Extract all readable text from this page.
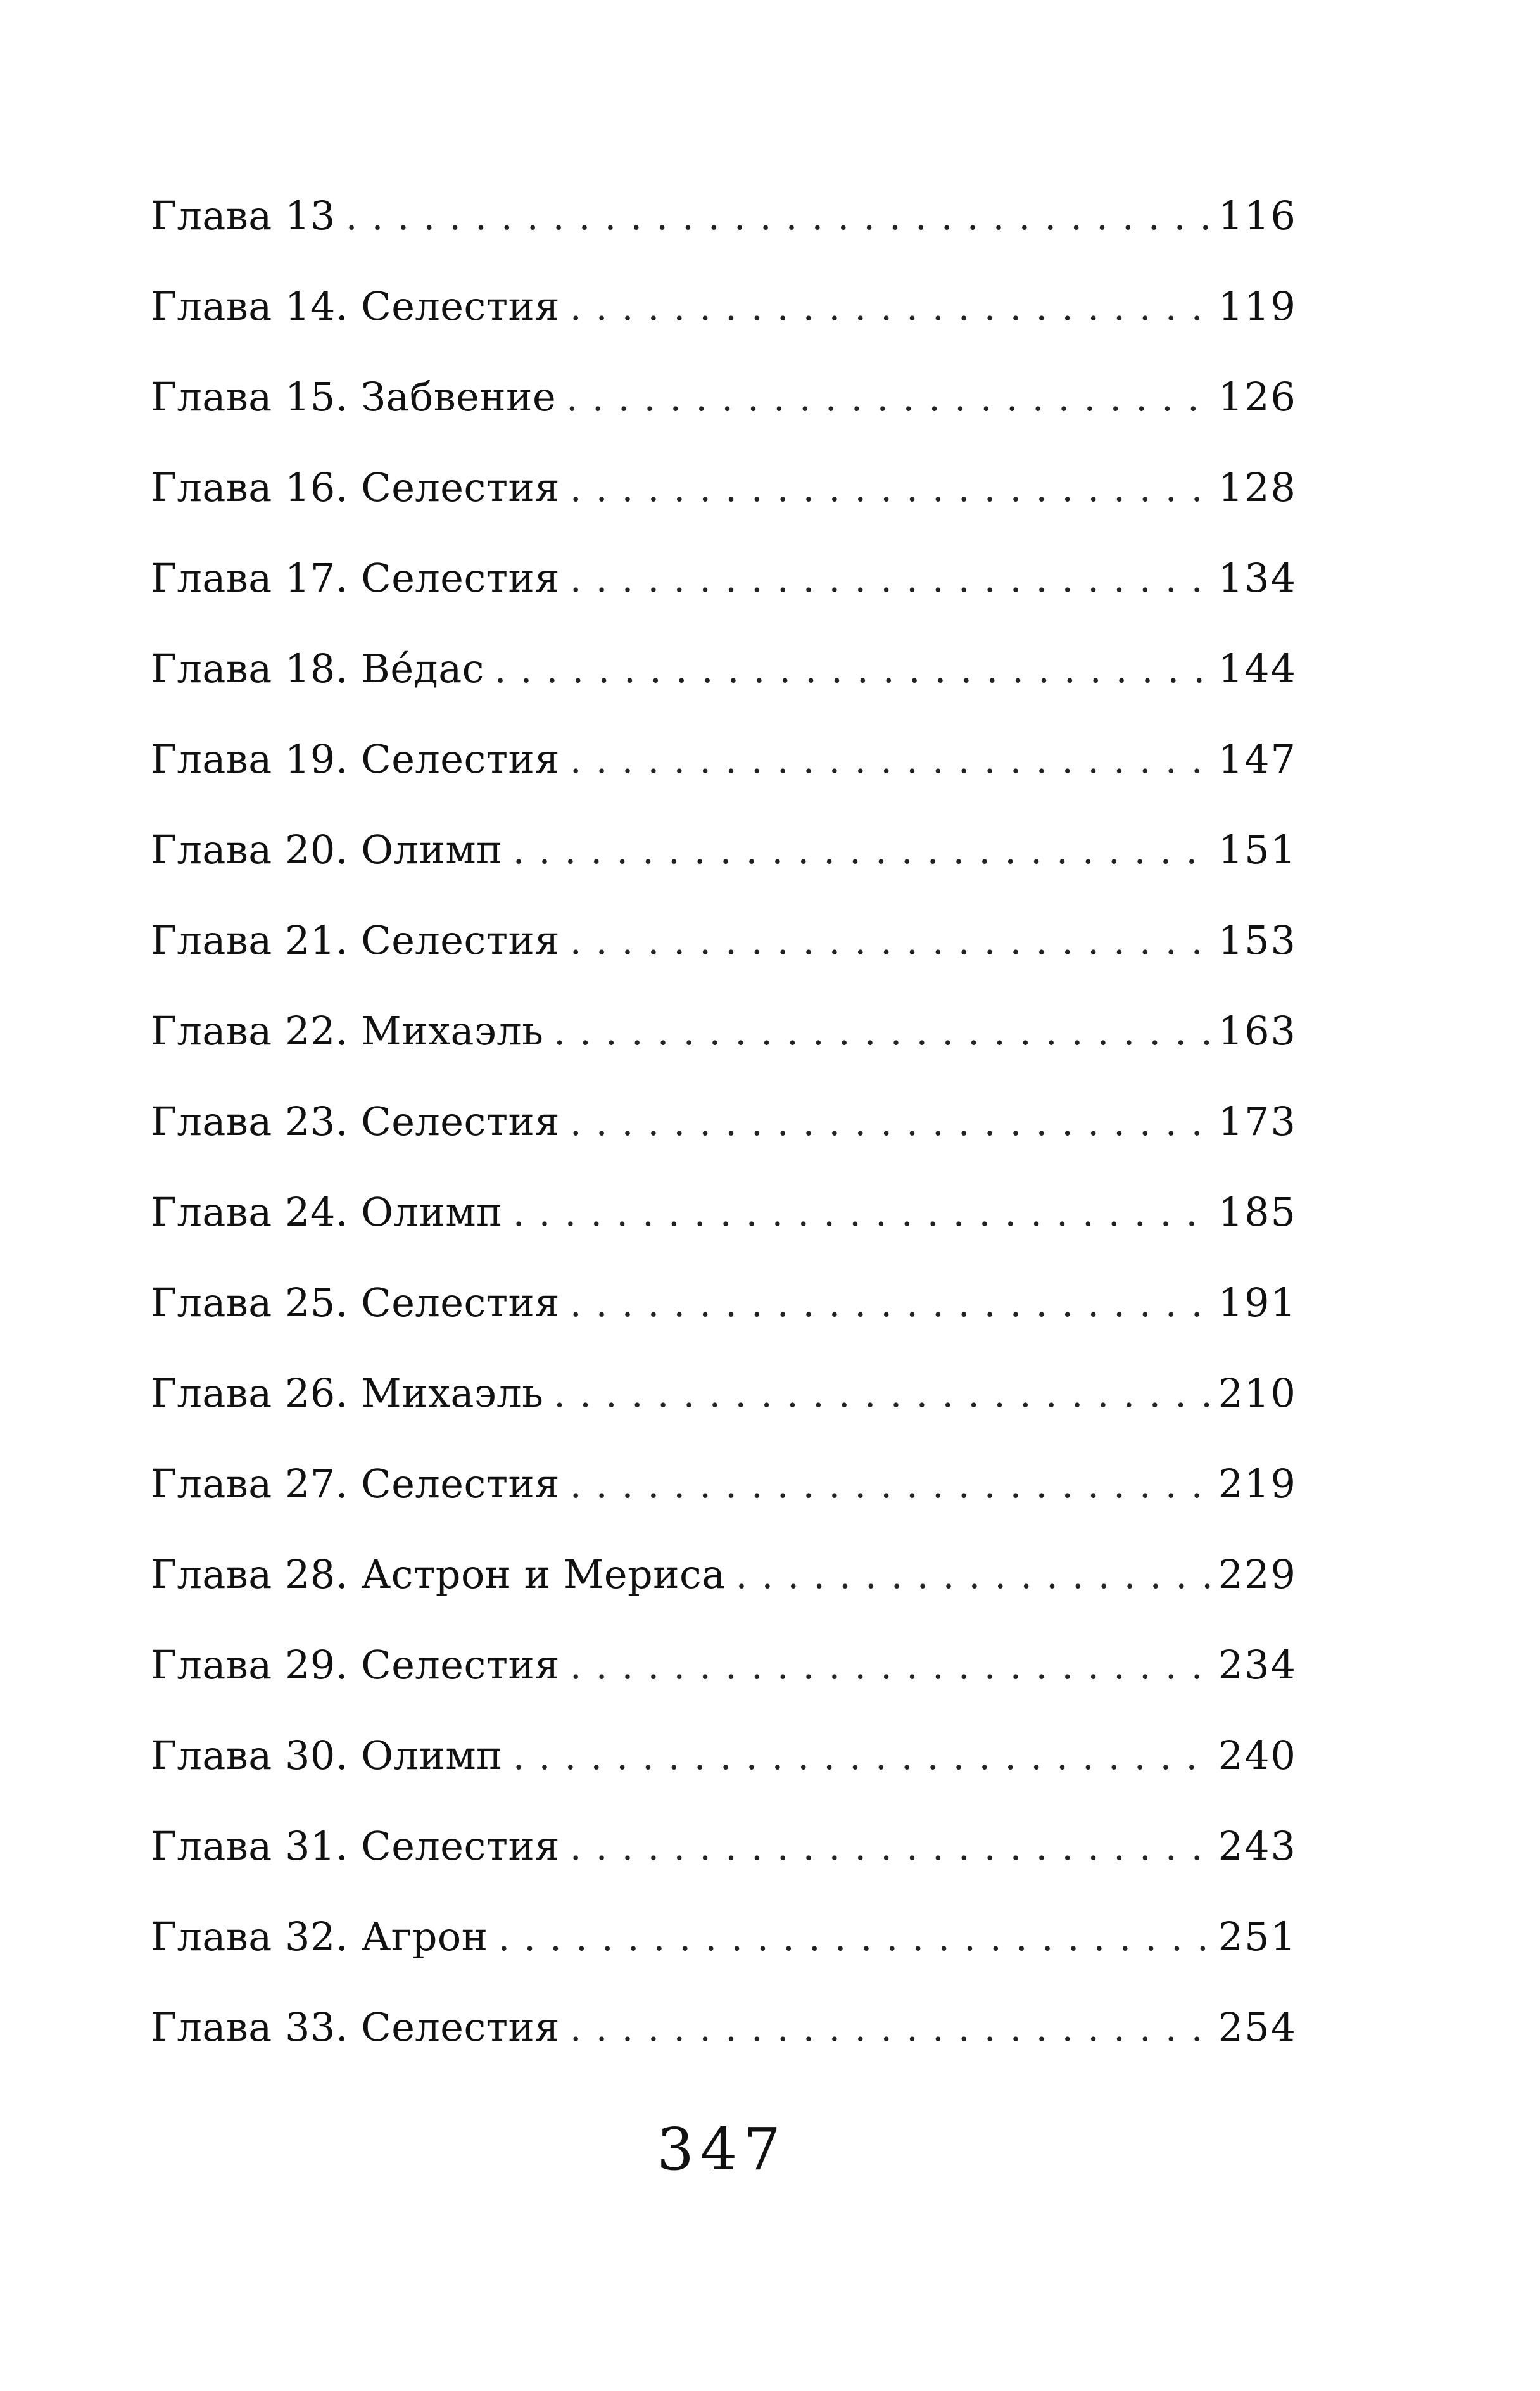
Глава 13 . . .	116
Глава 14. Селестия . . .	119
Глава 15. Забвение . . .	126
Глава 16. Селестия . . .	128
Глава 17. Селестия . . .	134
Глава 18. Ве́дас . . .	144
Глава 19. Селестия . . .	147
Глава 20. Олимп . . .	151
Глава 21. Селестия . . .	153
Глава 22. Михаэль . . .	163
Глава 23. Селестия . . .	173
Глава 24. Олимп . . .	185
Глава 25. Селестия . . .	191
Глава 26. Михаэль . . .	210
Глава 27. Селестия . . .	219
Глава 28. Астрон и Мериса . . .	229
Глава 29. Селестия . . .	234
Глава 30. Олимп . . .	240
Глава 31. Селестия . . .	243
Глава 32. Агрон . . .	251
Глава 33. Селестия . . .	254
347
